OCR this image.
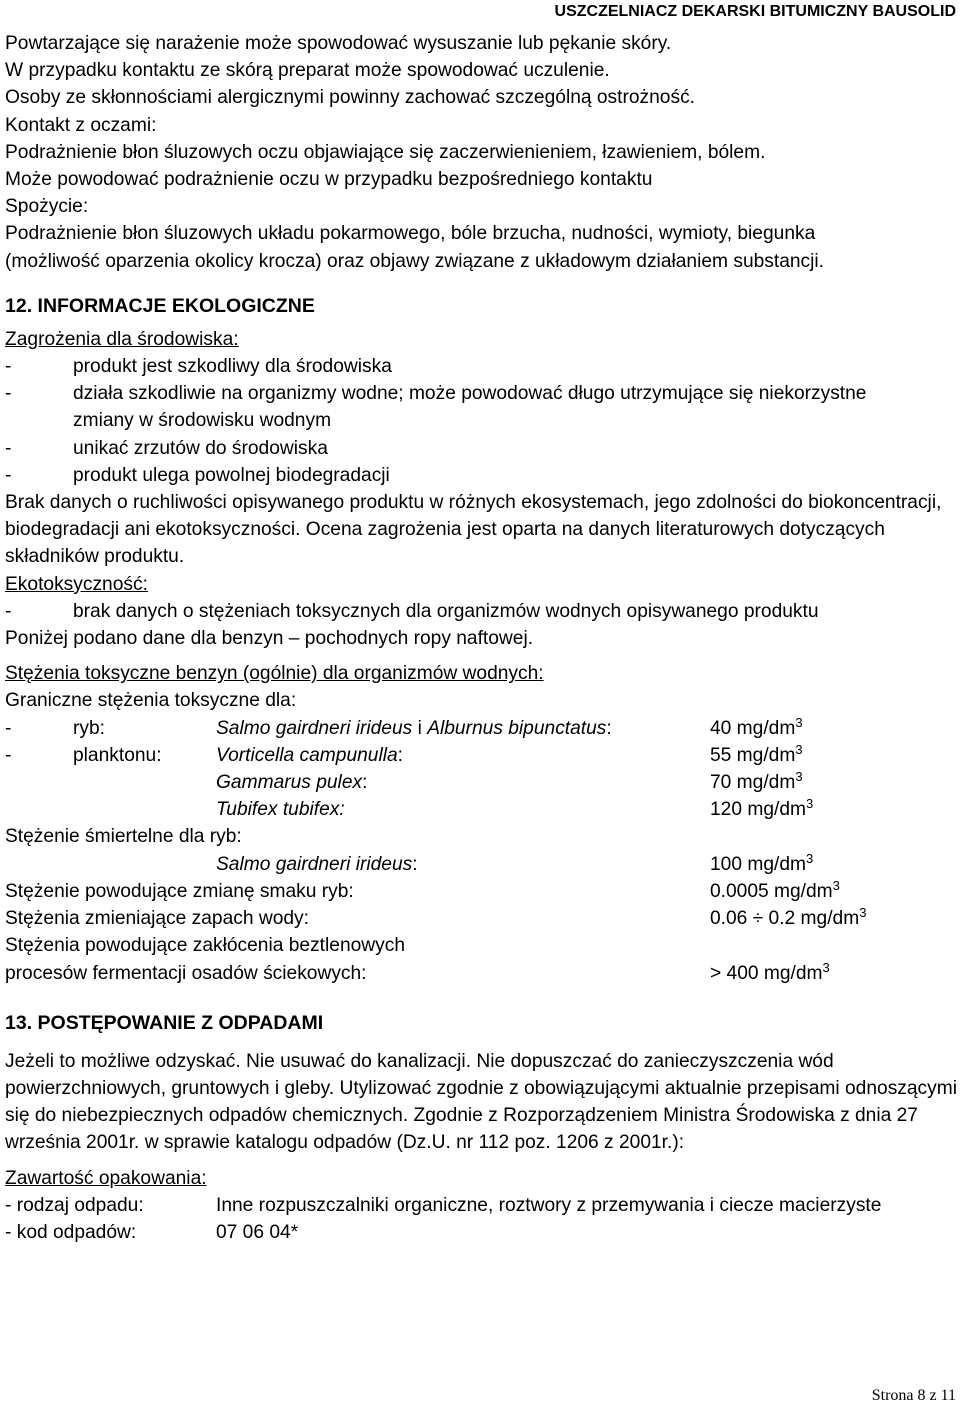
USZCZELNIACZ DEKARSKI BITUMICZNY BAUSOLID

Powtarzające się narażenie może spowodować wysuszanie lub pękanie skóry.

W przypadku kontaktu ze skórą preparat może spowodować uczulenie.

Osoby ze skłonnościami alergicznymi powinny zachować szczególną ostrożność.

Kontakt z oczami:

Podrażnienie błon śluzowych oczu objawiające się zaczerwienieniem, łzawieniem, bólem.

Może powodować podrażnienie oczu w przypadku bezpośredniego kontaktu

Spożycie:

Podrażnienie błon śluzowych układu pokarmowego, bóle brzucha, nudności, wymioty, biegunka (możliwość oparzenia okolicy krocza) oraz objawy związane z układowym działaniem substancji.

12. INFORMACJE EKOLOGICZNE

Zagrożenia dla środowiska:

-	produkt jest szkodliwy dla środowiska
-	działa szkodliwie na organizmy wodne; może powodować długo utrzymujące się niekorzystne zmiany w środowisku wodnym
-	unikać zrzutów do środowiska
-	produkt ulega powolnej biodegradacji

Brak danych o ruchliwości opisywanego produktu w różnych ekosystemach, jego zdolności do biokoncentracji, biodegradacji ani ekotoksyczności. Ocena zagrożenia jest oparta na danych literaturowych dotyczących składników produktu.

Ekotoksyczność:

-	brak danych o stężeniach toksycznych dla organizmów wodnych opisywanego produktu

Poniżej podano dane dla benzyn – pochodnych ropy naftowej.

Stężenia toksyczne benzyn (ogólnie) dla organizmów wodnych:

Graniczne stężenia toksyczne dla:

-	ryb:	Salmo gairdneri irideus i Alburnus bipunctatus:	40 $mg/dm^3$
-	planktonu:	Vorticella campunulla:	55 $mg/dm^3$
Gammarus pulex:	70 $mg/dm^3$
Tubifex tubifex:	120 $mg/dm^3$

Stężenie śmiertelne dla ryb:

Salmo gairdneri irideus:	100 $mg/dm^3$
Stężenie powodujące zmianę smaku ryb:	0.0005 $mg/dm^3$
Stężenia zmieniające zapach wody:	0.06 ÷ 0.2 $mg/dm^3$

Stężenia powodujące zakłócenia beztlenowych

procesów fermentacji osadów ściekowych:	> 400 $mg/dm^3$
13. POSTĘPOWANIE Z ODPADAMI

Jeżeli to możliwe odzyskać. Nie usuwać do kanalizacji. Nie dopuszczać do zanieczyszczenia wód powierzchniowych, gruntowych i gleby. Utylizować zgodnie z obowiązującymi aktualnie przepisami odnoszącymi się do niebezpiecznych odpadów chemicznych. Zgodnie z Rozporządzeniem Ministra Środowiska z dnia 27 września 2001r. w sprawie katalogu odpadów (Dz.U. nr 112 poz. 1206 z 2001r.):

Zawartość opakowania:

- rodzaj odpadu:	Inne rozpuszczalniki organiczne, roztwory z przemywania i ciecze macierzyste
- kod odpadów:	07 06 04*
Strona 8 z 11
